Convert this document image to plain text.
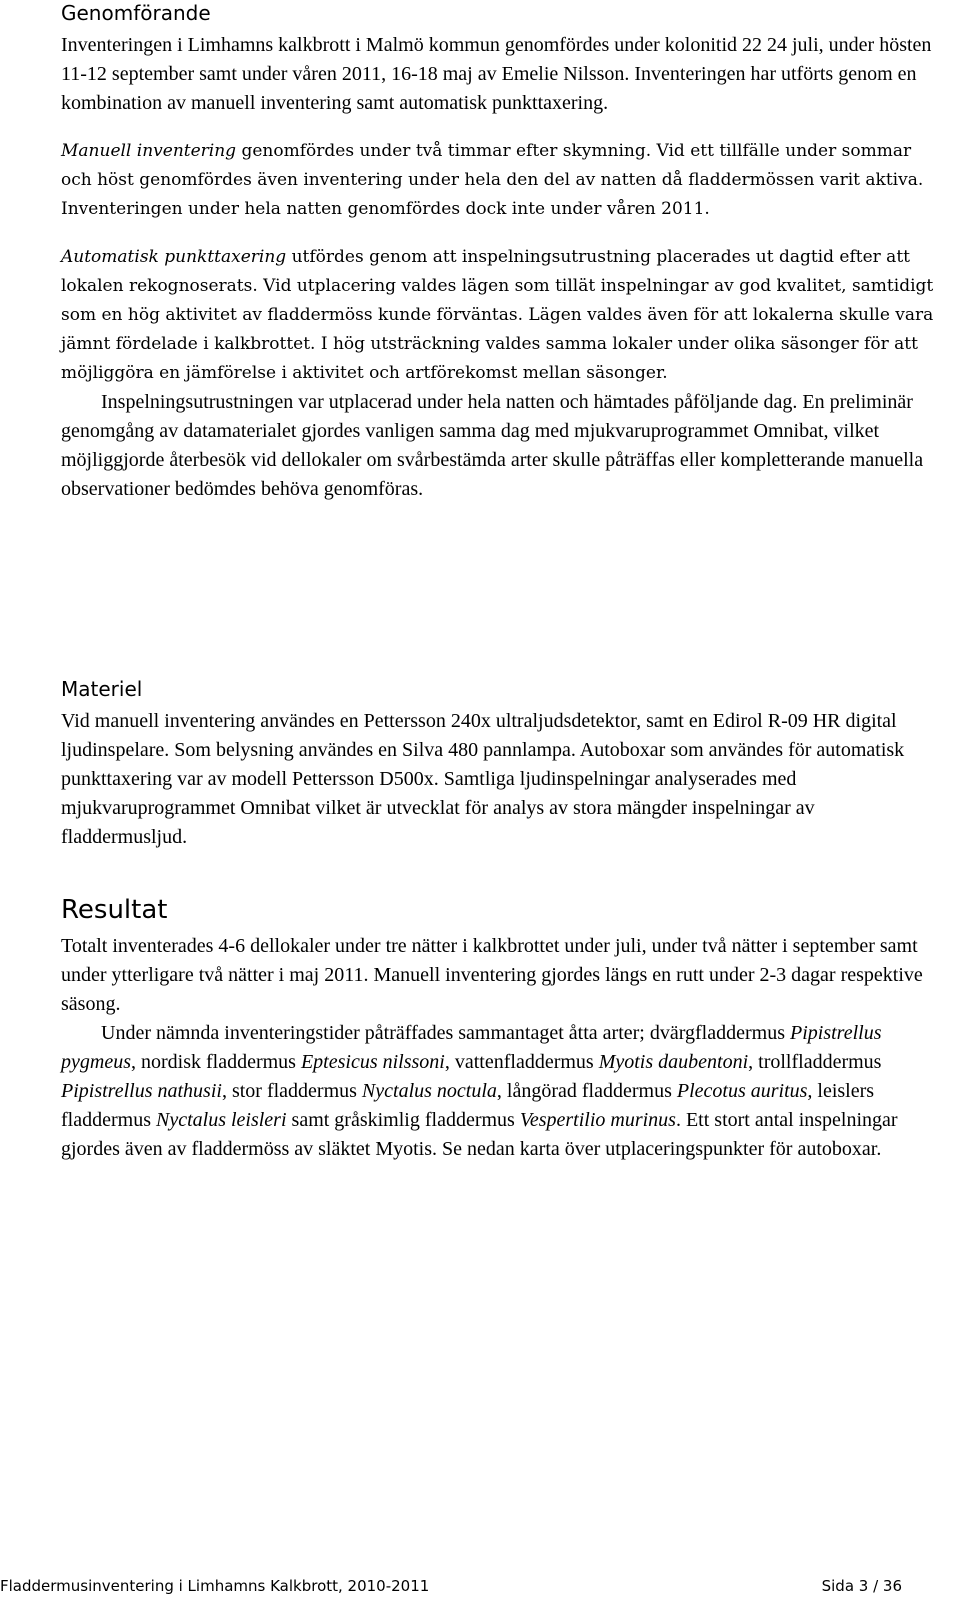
Genomförande

Inventeringen i Limhamns kalkbrott i Malmö kommun genomfördes under kolonitid 22 24 juli, under hösten 11-12 september samt under våren 2011, 16-18 maj av Emelie Nilsson. Inventeringen har utförts genom en kombination av manuell inventering samt automatisk punkttaxering.

Manuell inventering genomfördes under två timmar efter skymning. Vid ett tillfälle under sommar och höst genomfördes även inventering under hela den del av natten då fladdermössen varit aktiva. Inventeringen under hela natten genomfördes dock inte under våren 2011.

Automatisk punkttaxering utfördes genom att inspelningsutrustning placerades ut dagtid efter att lokalen rekognoserats. Vid utplacering valdes lägen som tillät inspelningar av god kvalitet, samtidigt som en hög aktivitet av fladdermöss kunde förväntas. Lägen valdes även för att lokalerna skulle vara jämnt fördelade i kalkbrottet. I hög utsträckning valdes samma lokaler under olika säsonger för att möjliggöra en jämförelse i aktivitet och artförekomst mellan säsonger.

Inspelningsutrustningen var utplacerad under hela natten och hämtades påföljande dag. En preliminär genomgång av datamaterialet gjordes vanligen samma dag med mjukvaruprogrammet Omnibat, vilket möjliggjorde återbesök vid dellokaler om svårbestämda arter skulle påträffas eller kompletterande manuella observationer bedömdes behöva genomföras.

Materiel

Vid manuell inventering användes en Pettersson 240x ultraljudsdetektor, samt en Edirol R-09 HR digital ljudinspelare. Som belysning användes en Silva 480 pannlampa. Autoboxar som användes för automatisk punkttaxering var av modell Pettersson D500x. Samtliga ljudinspelningar analyserades med mjukvaruprogrammet Omnibat vilket är utvecklat för analys av stora mängder inspelningar av fladdermusljud.

Resultat

Totalt inventerades 4-6 dellokaler under tre nätter i kalkbrottet under juli, under två nätter i september samt under ytterligare två nätter i maj 2011. Manuell inventering gjordes längs en rutt under 2-3 dagar respektive säsong.

Under nämnda inventeringstider påträffades sammantaget åtta arter; dvärgfladdermus Pipistrellus pygmeus, nordisk fladdermus Eptesicus nilssoni, vattenfladdermus Myotis daubentoni, trollfladdermus Pipistrellus nathusii, stor fladdermus Nyctalus noctula, långörad fladdermus Plecotus auritus, leislers fladdermus Nyctalus leisleri samt gråskimlig fladdermus Vespertilio murinus. Ett stort antal inspelningar gjordes även av fladdermöss av släktet Myotis. Se nedan karta över utplaceringspunkter för autoboxar.

Fladdermusinventering i Limhamns Kalkbrott, 2010-2011	Sida 3 / 36
